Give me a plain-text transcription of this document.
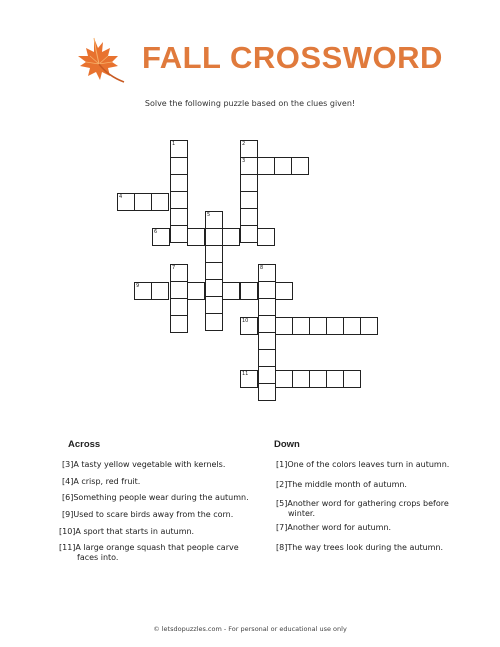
FALL CROSSWORD
Solve the following puzzle based on the clues given!
1	2
3
4
5
6
7	8
9
10
11
Across	Down
[3]A tasty yellow vegetable with kernels.
[4]A crisp, red fruit.
[6]Something people wear during the autumn.
[9]Used to scare birds away from the corn.
[10]A sport that starts in autumn.
[11]A large orange squash that people carve
faces into.
[1]One of the colors leaves turn in autumn.
[2]The middle month of autumn.
[5]Another word for gathering crops before
winter.
[7]Another word for autumn.
[8]The way trees look during the autumn.
© letsdopuzzles.com - For personal or educational use only
